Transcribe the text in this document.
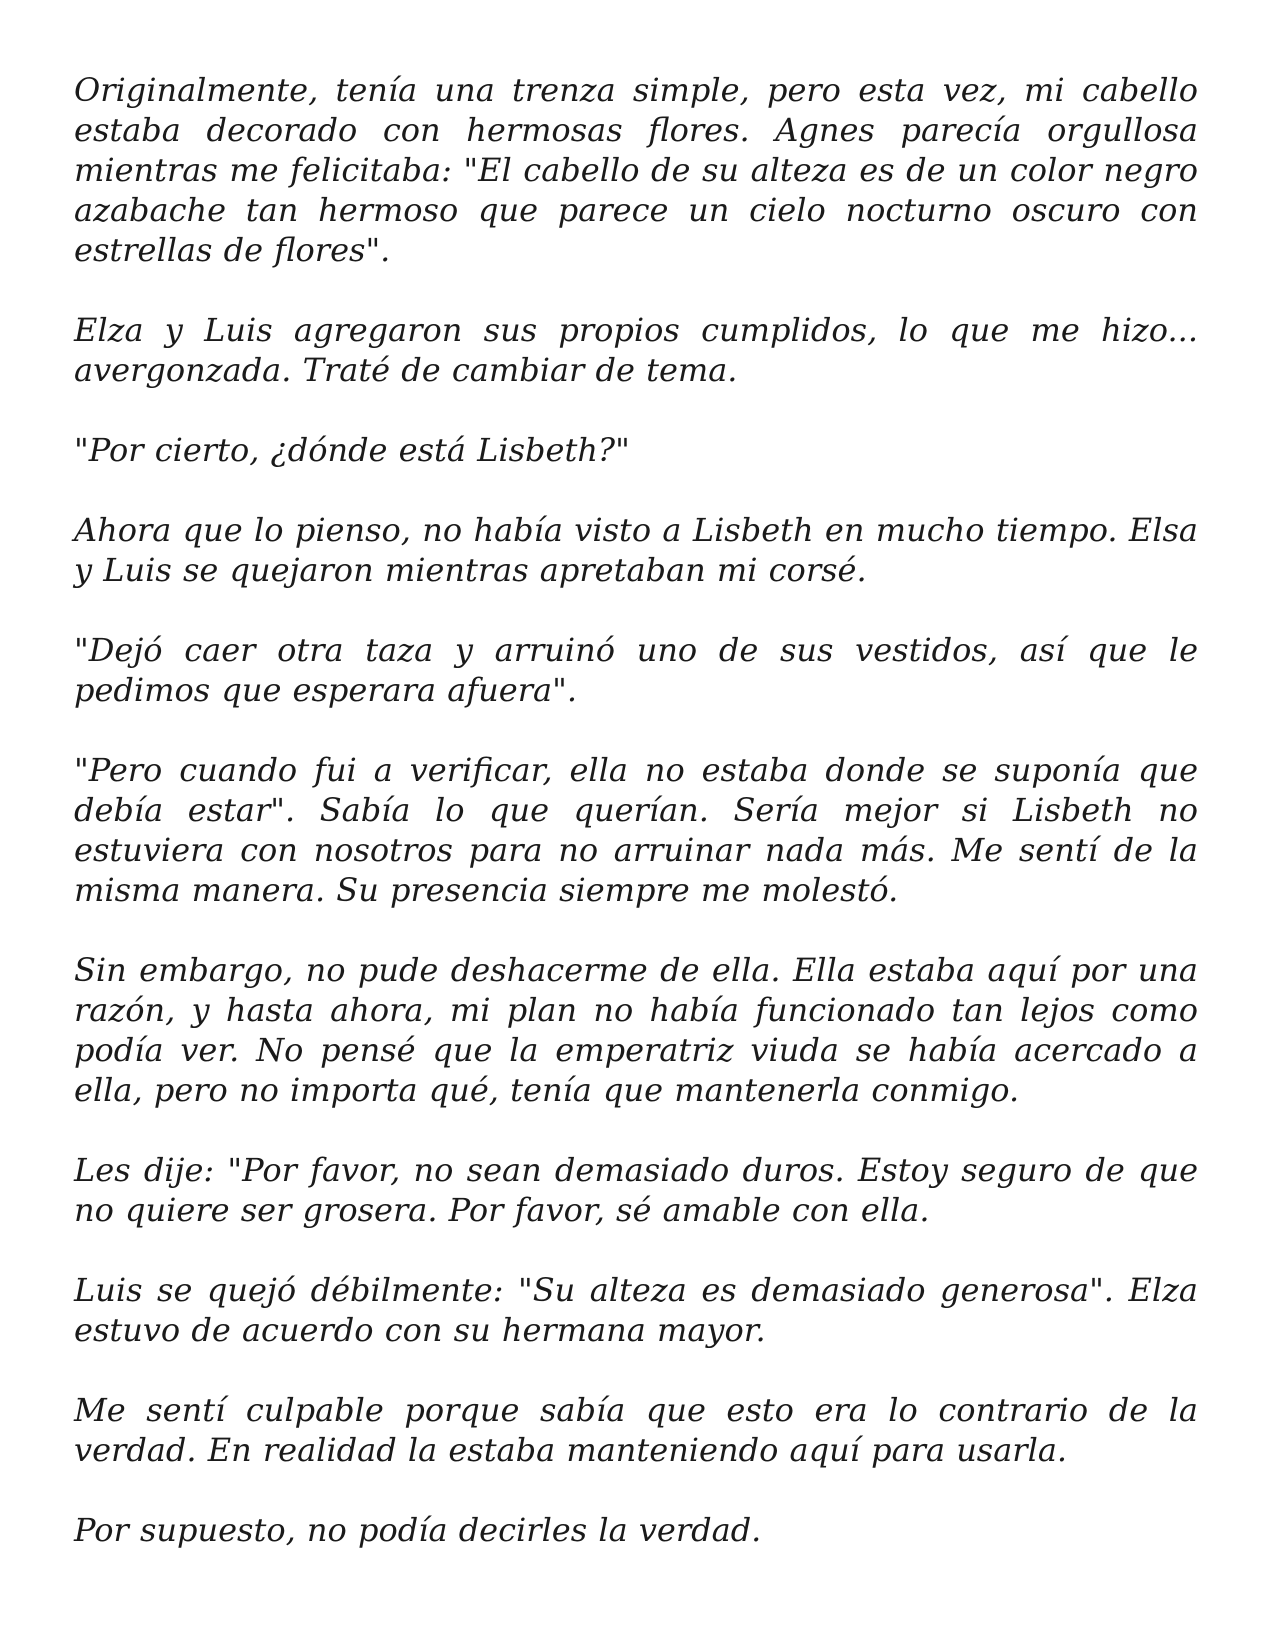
Originalmente, tenía una trenza simple, pero esta vez, mi cabello estaba decorado con hermosas flores. Agnes parecía orgullosa mientras me felicitaba: "El cabello de su alteza es de un color negro azabache tan hermoso que parece un cielo nocturno oscuro con estrellas de flores".

Elza y Luis agregaron sus propios cumplidos, lo que me hizo... avergonzada. Traté de cambiar de tema.

"Por cierto, ¿dónde está Lisbeth?"

Ahora que lo pienso, no había visto a Lisbeth en mucho tiempo. Elsa y Luis se quejaron mientras apretaban mi corsé.

"Dejó caer otra taza y arruinó uno de sus vestidos, así que le pedimos que esperara afuera".

"Pero cuando fui a verificar, ella no estaba donde se suponía que debía estar". Sabía lo que querían. Sería mejor si Lisbeth no estuviera con nosotros para no arruinar nada más. Me sentí de la misma manera. Su presencia siempre me molestó.

Sin embargo, no pude deshacerme de ella. Ella estaba aquí por una razón, y hasta ahora, mi plan no había funcionado tan lejos como podía ver. No pensé que la emperatriz viuda se había acercado a ella, pero no importa qué, tenía que mantenerla conmigo.

Les dije: "Por favor, no sean demasiado duros. Estoy seguro de que no quiere ser grosera. Por favor, sé amable con ella.

Luis se quejó débilmente: "Su alteza es demasiado generosa". Elza estuvo de acuerdo con su hermana mayor.

Me sentí culpable porque sabía que esto era lo contrario de la verdad. En realidad la estaba manteniendo aquí para usarla.

Por supuesto, no podía decirles la verdad.
